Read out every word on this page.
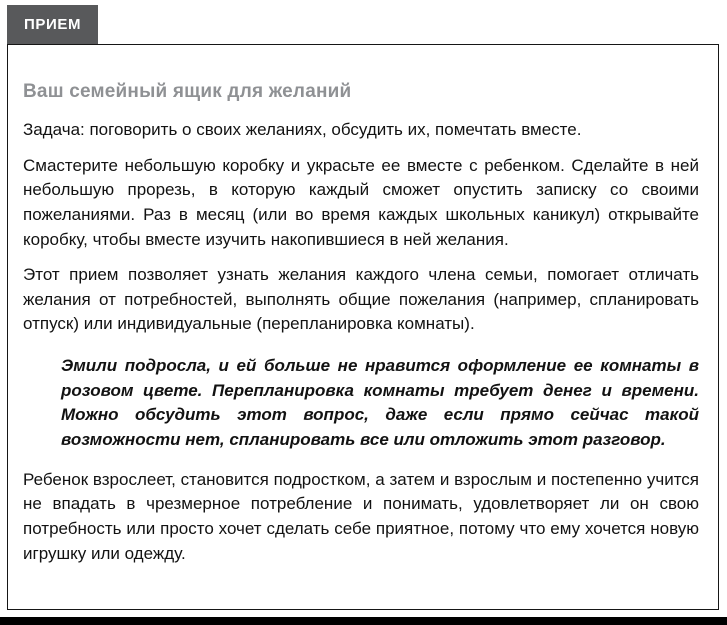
ПРИЕМ
Ваш семейный ящик для желаний

Задача: поговорить о своих желаниях, обсудить их, помечтать вместе.

Смастерите небольшую коробку и украсьте ее вместе с ребенком. Сделайте в ней небольшую прорезь, в которую каждый сможет опустить записку со своими пожеланиями. Раз в месяц (или во время каждых школьных каникул) открывайте коробку, чтобы вместе изучить накопившиеся в ней желания.

Этот прием позволяет узнать желания каждого члена семьи, помогает отличать желания от потребностей, выполнять общие пожелания (например, спланировать отпуск) или индивидуальные (перепланировка комнаты).

Эмили подросла, и ей больше не нравится оформление ее комнаты в розовом цвете. Перепланировка комнаты требует денег и времени. Можно обсудить этот вопрос, даже если прямо сейчас такой возможности нет, спланировать все или отложить этот разговор.

Ребенок взрослеет, становится подростком, а затем и взрослым и постепенно учится не впадать в чрезмерное потребление и понимать, удовлетворяет ли он свою потребность или просто хочет сделать себе приятное, потому что ему хочется новую игрушку или одежду.
